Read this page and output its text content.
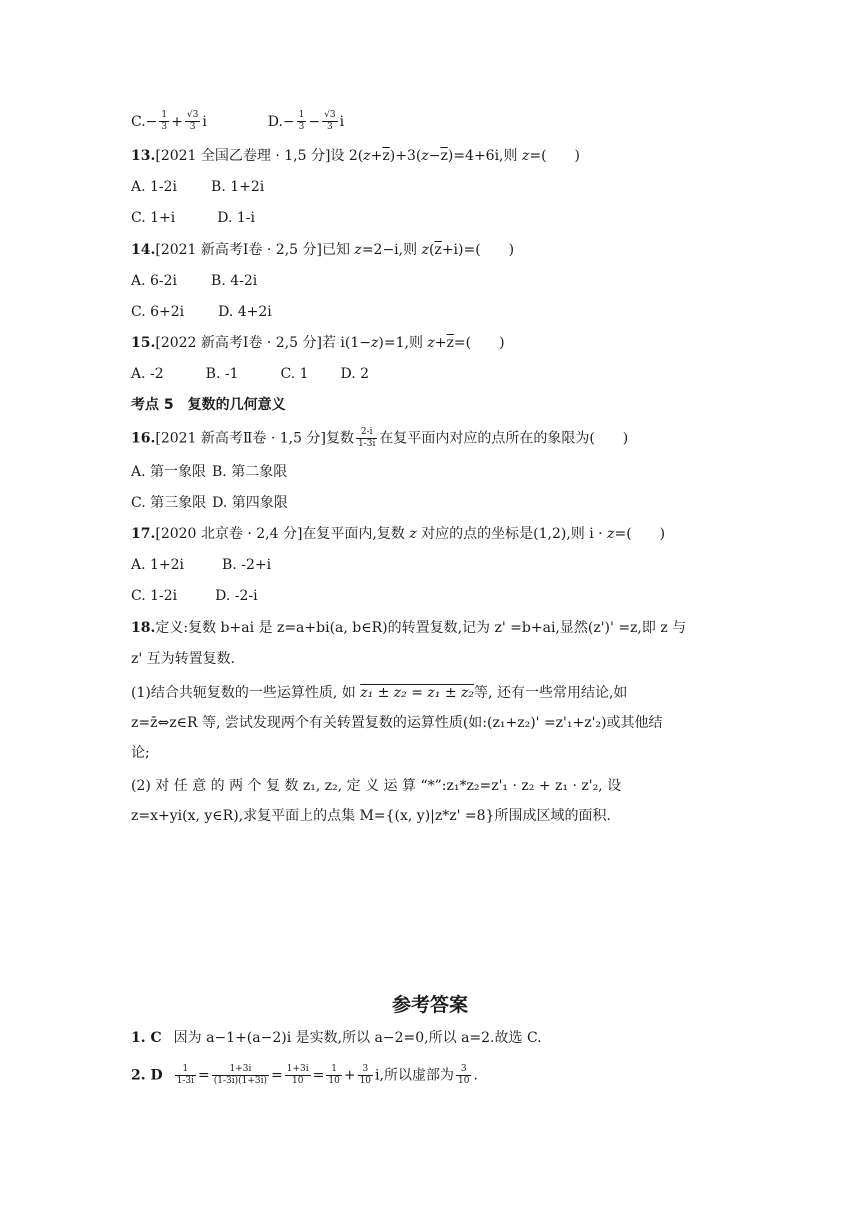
$C.- \frac{1}{3} + \frac{√3}{3}$ i	$D.- \frac{1}{3} - \frac{√3}{3}$ i
13.[2021 全国乙卷理 · 1,5 分]设 $2(z+\overline{z})+3(z-\overline{z})=4+6i$,则 z=(　　)
A. 1-2i B. 1+2i
C. 1+i	D. 1-i
14.[2021 新高考Ⅰ卷 · 2,5 分]已知 z=2−i,则 $z(\overline{z}+i)=$(　　)
A. 6-2i B. 4-2i
C. 6+2i D. 4+2i
15.[2022 新高考Ⅰ卷 · 2,5 分]若 i(1−z)=1,则 $z+\overline{z}=$(　　)
A. -2	B. -1	C. 1 D. 2
考点 5　复数的几何意义
16.[2021 新高考Ⅱ卷 · 1,5 分]复数 $\frac{2-i}{1-3i}$ 在复平面内对应的点所在的象限为(　　)
A. 第一象限 B. 第二象限
C. 第三象限 D. 第四象限
17.[2020 北京卷 · 2,4 分]在复平面内,复数 z 对应的点的坐标是(1,2),则 i · z=(　　)
A. 1+2i	B. -2+i
C. 1-2i	D. -2-i
18.定义:复数 b+ai 是 z=a+bi(a, b∈R)的转置复数,记为 z' =b+ai,显然(z')' =z,即 z 与
z' 互为转置复数.
(1)结合共轭复数的一些运算性质, 如 z₁ ± z₂ = z₁ ± z₂等, 还有一些常用结论,如
z=z̄⇔z∈R 等, 尝试发现两个有关转置复数的运算性质(如:(z₁+z₂)' =z'₁+z'₂)或其他结
论;
(2) 对 任 意 的 两 个 复 数 z₁, z₂, 定 义 运 算 “*”:z₁*z₂=z'₁ · z₂ + z₁ · z'₂, 设
z=x+yi(x, y∈R),求复平面上的点集 M={(x, y)|z*z' =8}所围成区域的面积.
参考答案
1. C 因为 a−1+(a−2)i 是实数,所以 a−2=0,所以 a=2.故选 C.
2. D $\frac{1}{1-3i} = \frac{1+3i}{(1-3i)(1+3i)} = \frac{1+3i}{10} = \frac{1}{10} + \frac{3}{10} i$,所以虚部为 $\frac{3}{10}$ .
